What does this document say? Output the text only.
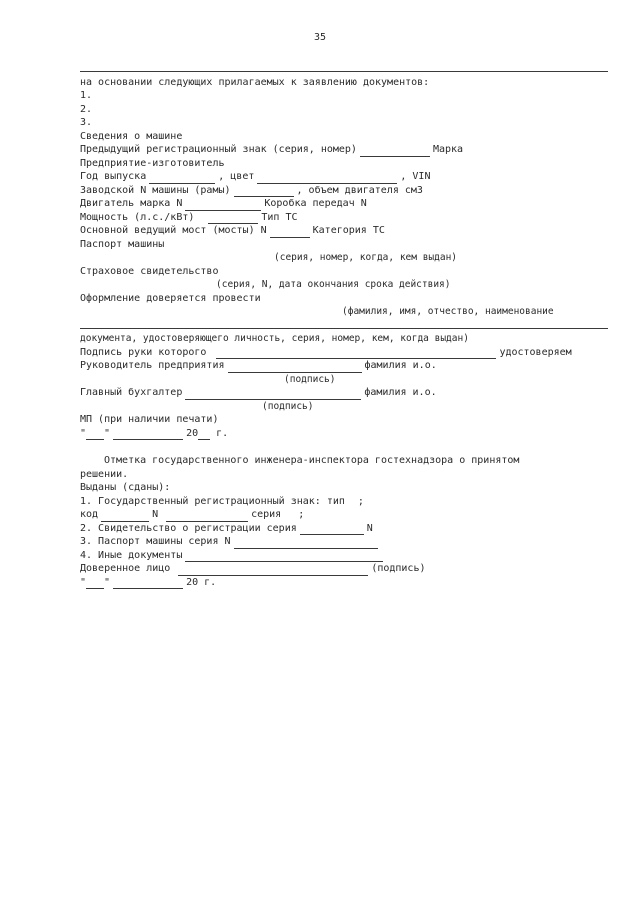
35
на основании следующих прилагаемых к заявлению документов:
1.
2.
3.
Сведения о машине
Предыдущий регистрационный знак (серия, номер)	Марка
Предприятие-изготовитель
Год выпуска	, цвет	, VIN
Заводской N машины (рамы)	, объем двигателя см3
Двигатель марка N	Коробка передач N
Мощность (л.с./кВт)	Тип ТС
Основной ведущий мост (мосты) N	Категория ТС
Паспорт машины
(серия, номер, когда, кем выдан)
Страховое свидетельство
(серия, N, дата окончания срока действия)
Оформление доверяется провести
(фамилия, имя, отчество, наименование
документа, удостоверяющего личность, серия, номер, кем, когда выдан)
Подпись руки которого	удостоверяем
Руководитель предприятия	фамилия и.о.
(подпись)
Главный бухгалтер	фамилия и.о.
(подпись)
МП (при наличии печати)
" "	20 г.
Отметка государственного инженера-инспектора гостехнадзора о принятом
решении.
Выданы (сданы):
1. Государственный регистрационный знак: тип ;
код	N	серия ;
2. Свидетельство о регистрации серия	N
3. Паспорт машины серия N
4. Иные документы
Доверенное лицо	(подпись)
" "	20 г.
